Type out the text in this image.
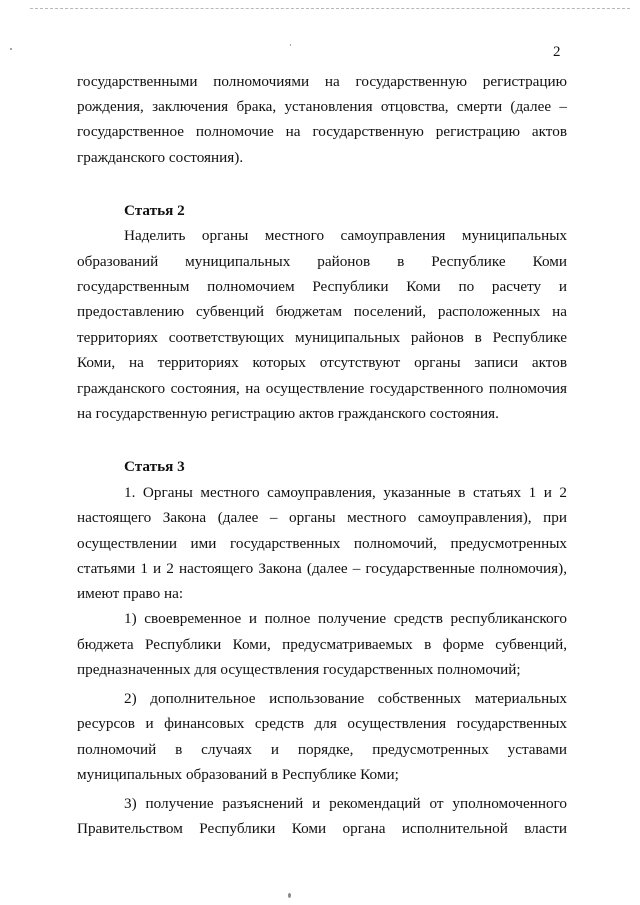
2
государственными полномочиями на государственную регистрацию
рождения, заключения брака, установления отцовства, смерти (далее –
государственное полномочие на государственную регистрацию актов
гражданского состояния).
Статья 2
Наделить органы местного самоуправления муниципальных
образований муниципальных районов в Республике Коми
государственным полномочием Республики Коми по расчету и
предоставлению субвенций бюджетам поселений, расположенных на
территориях соответствующих муниципальных районов в Республике
Коми, на территориях которых отсутствуют органы записи актов
гражданского состояния, на осуществление государственного полномочия
на государственную регистрацию актов гражданского состояния.
Статья 3
1. Органы местного самоуправления, указанные в статьях 1 и 2
настоящего Закона (далее – органы местного самоуправления), при
осуществлении ими государственных полномочий, предусмотренных
статьями 1 и 2 настоящего Закона (далее – государственные полномочия),
имеют право на:
1) своевременное и полное получение средств республиканского
бюджета Республики Коми, предусматриваемых в форме субвенций,
предназначенных для осуществления государственных полномочий;
2) дополнительное использование собственных материальных
ресурсов и финансовых средств для осуществления государственных
полномочий в случаях и порядке, предусмотренных уставами
муниципальных образований в Республике Коми;
3) получение разъяснений и рекомендаций от уполномоченного
Правительством Республики Коми органа исполнительной власти
